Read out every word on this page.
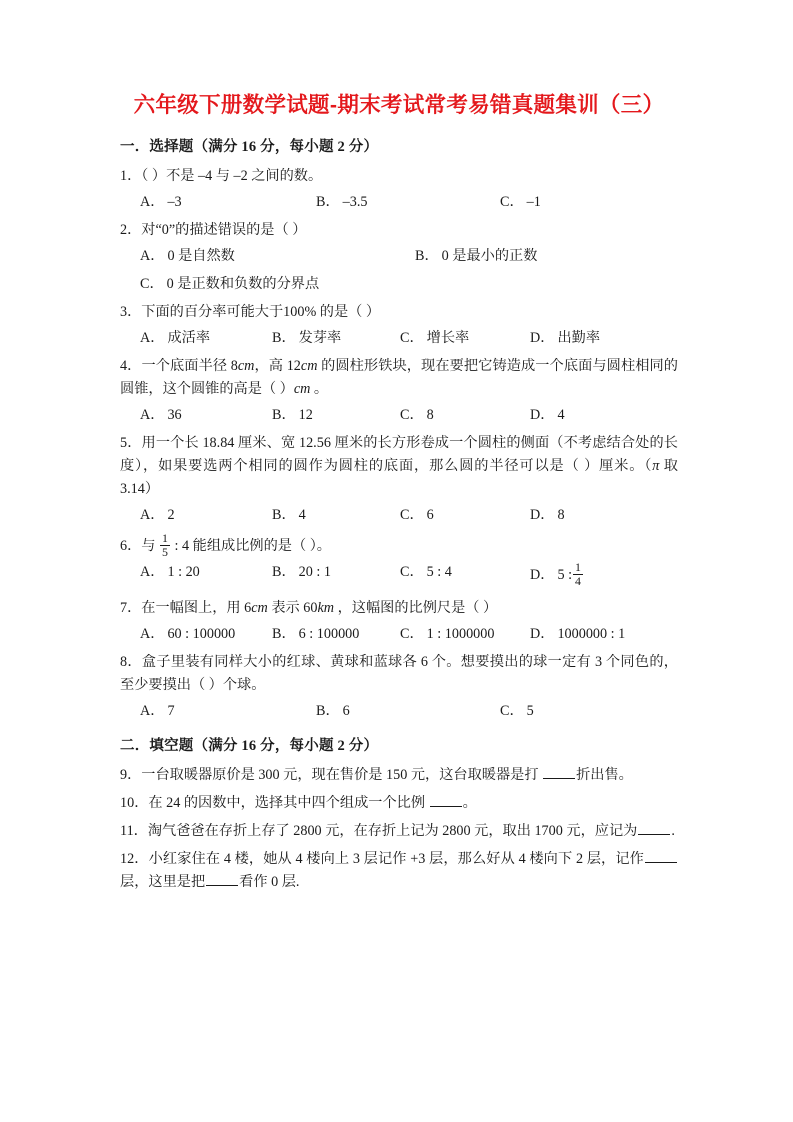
六年级下册数学试题-期末考试常考易错真题集训（三）
一．选择题（满分 16 分，每小题 2 分）
1．（ ）不是 –4 与 –2 之间的数。
A． –3	B． –3.5	C． –1
2．对“0”的描述错误的是（ ）
A． 0 是自然数	B． 0 是最小的正数
C． 0 是正数和负数的分界点
3．下面的百分率可能大于100% 的是（ ）
A． 成活率	B． 发芽率	C． 增长率	D． 出勤率
4．一个底面半径 8cm，高 12cm 的圆柱形铁块，现在要把它铸造成一个底面与圆柱相同的圆锥，这个圆锥的高是（ ）cm 。
A． 36	B． 12	C． 8	D． 4
5．用一个长 18.84 厘米、宽 12.56 厘米的长方形卷成一个圆柱的侧面（不考虑结合处的长度），如果要选两个相同的圆作为圆柱的底面，那么圆的半径可以是（ ）厘米。（π 取 3.14）
A． 2	B． 4	C． 6	D． 8
6．与 $\frac{1}{5}$ : 4 能组成比例的是（ ）。
A． 1 : 20	B． 20 : 1	C． 5 : 4	D． 5 : $\frac{1}{4}$
7．在一幅图上，用 6cm 表示 60km ，这幅图的比例尺是（ ）
A． 60 : 100000	B． 6 : 100000	C． 1 : 1000000	D． 1000000 : 1
8．盒子里装有同样大小的红球、黄球和蓝球各 6 个。想要摸出的球一定有 3 个同色的，至少要摸出（ ）个球。
A． 7	B． 6	C． 5
二．填空题（满分 16 分，每小题 2 分）
9．一台取暖器原价是 300 元，现在售价是 150 元，这台取暖器是打 折出售。
10．在 24 的因数中，选择其中四个组成一个比例 。
11．淘气爸爸在存折上存了 2800 元，在存折上记为 2800 元，取出 1700 元，应记为 .
12．小红家住在 4 楼，她从 4 楼向上 3 层记作 +3 层，那么好从 4 楼向下 2 层，记作层，这里是把 看作 0 层.
